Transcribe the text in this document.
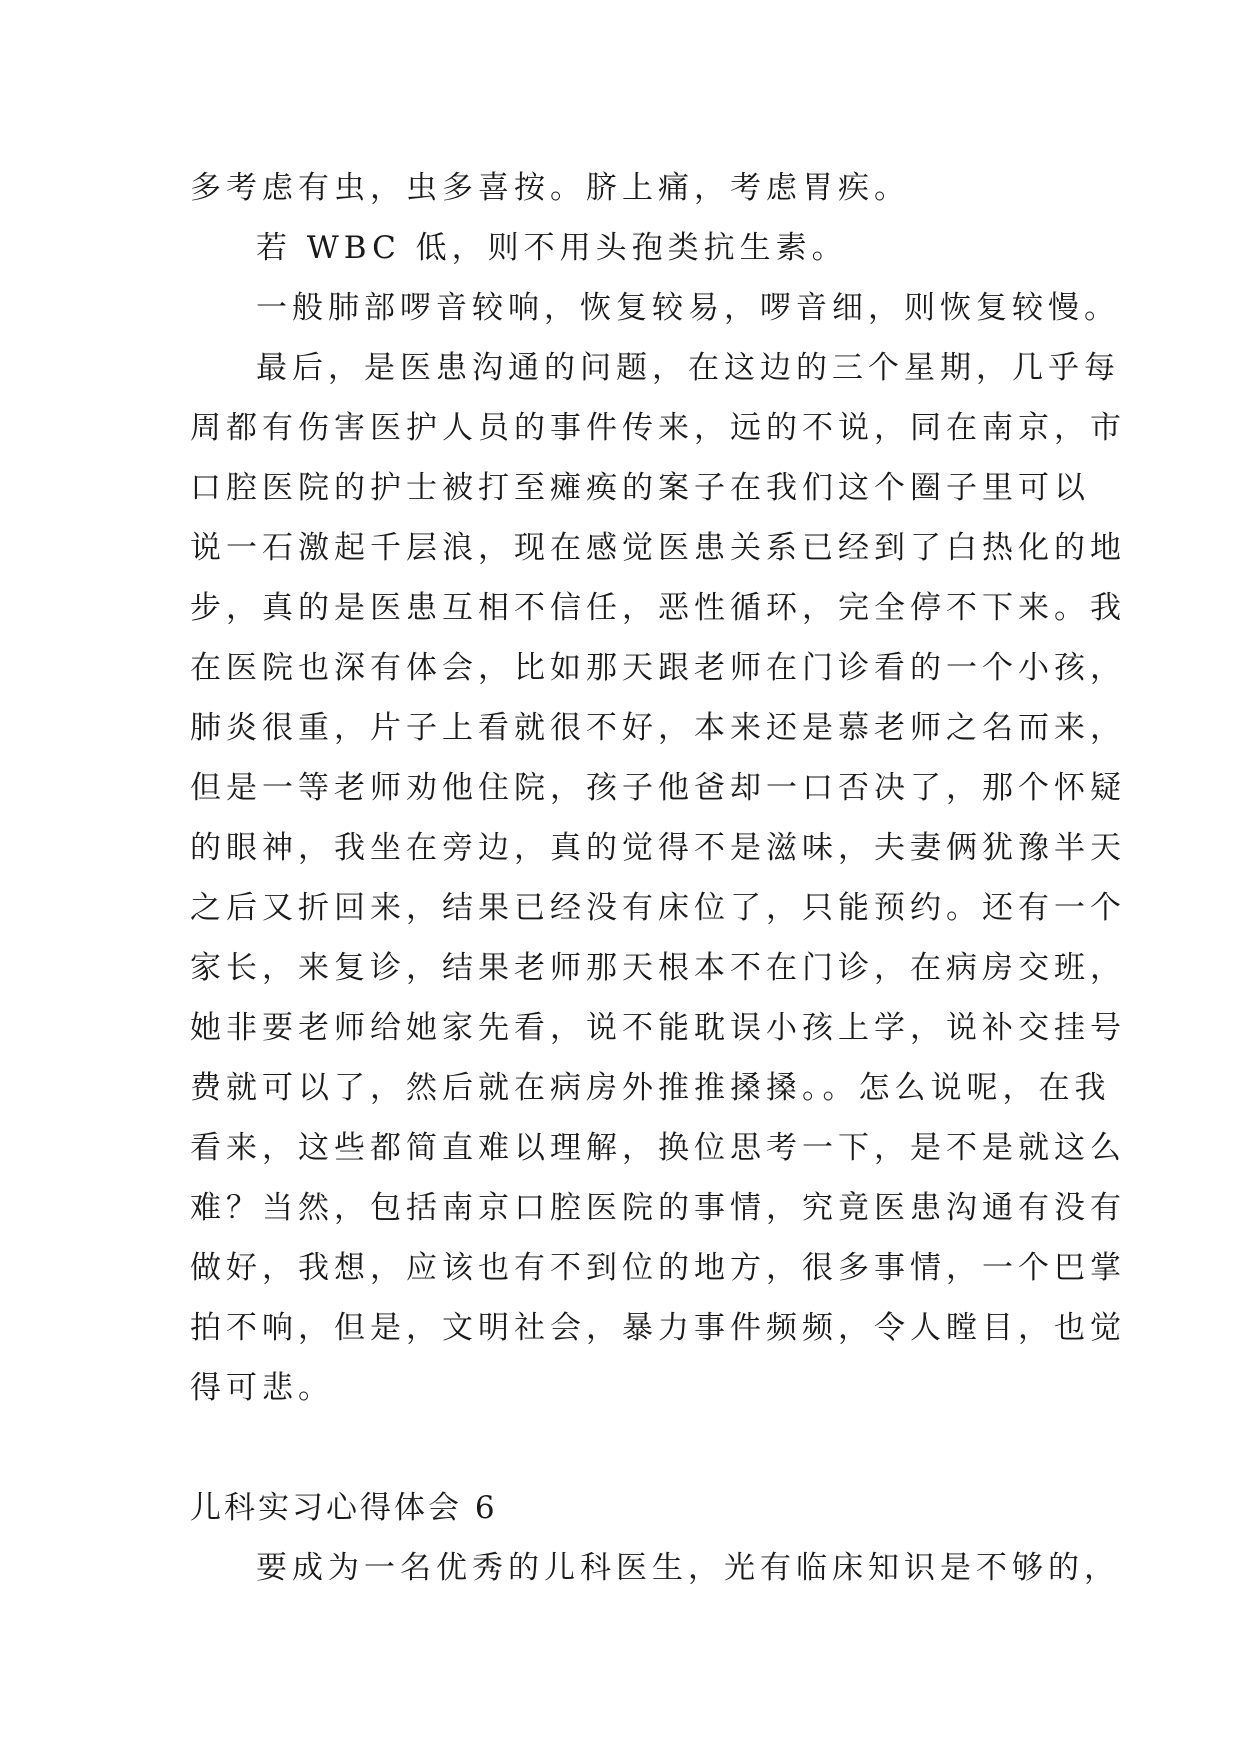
多考虑有虫，虫多喜按。脐上痛，考虑胃疾。
若 WBC 低，则不用头孢类抗生素。
一般肺部啰音较响，恢复较易，啰音细，则恢复较慢。
最后，是医患沟通的问题，在这边的三个星期，几乎每
周都有伤害医护人员的事件传来，远的不说，同在南京，市
口腔医院的护士被打至瘫痪的案子在我们这个圈子里可以
说一石激起千层浪，现在感觉医患关系已经到了白热化的地
步，真的是医患互相不信任，恶性循环，完全停不下来。我
在医院也深有体会，比如那天跟老师在门诊看的一个小孩，
肺炎很重，片子上看就很不好，本来还是慕老师之名而来，
但是一等老师劝他住院，孩子他爸却一口否决了，那个怀疑
的眼神，我坐在旁边，真的觉得不是滋味，夫妻俩犹豫半天
之后又折回来，结果已经没有床位了，只能预约。还有一个
家长，来复诊，结果老师那天根本不在门诊，在病房交班，
她非要老师给她家先看，说不能耽误小孩上学，说补交挂号
费就可以了，然后就在病房外推推搡搡。。怎么说呢，在我
看来，这些都简直难以理解，换位思考一下，是不是就这么
难？当然，包括南京口腔医院的事情，究竟医患沟通有没有
做好，我想，应该也有不到位的地方，很多事情，一个巴掌
拍不响，但是，文明社会，暴力事件频频，令人瞠目，也觉
得可悲。
儿科实习心得体会 6
要成为一名优秀的儿科医生，光有临床知识是不够的，
